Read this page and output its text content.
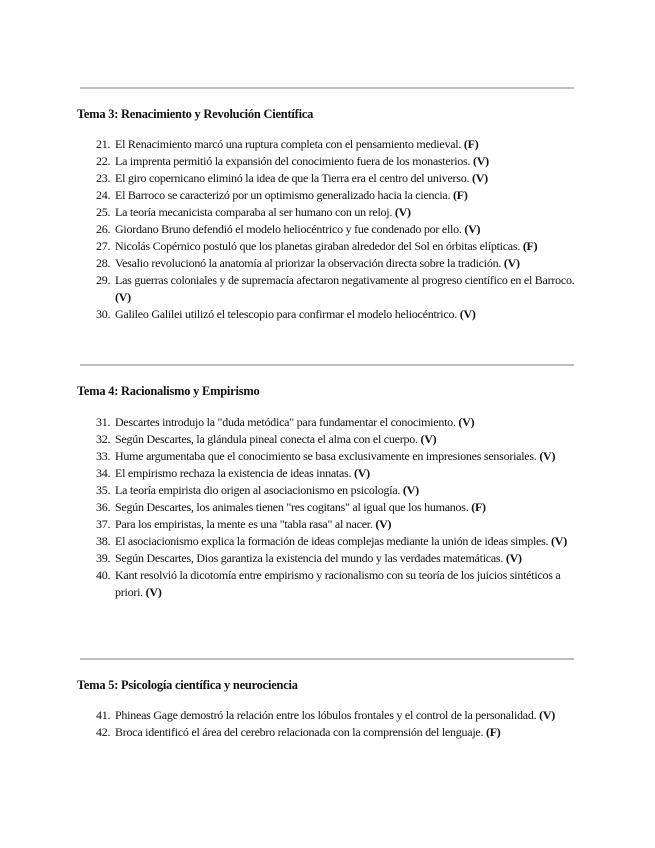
Tema 3: Renacimiento y Revolución Científica
21. El Renacimiento marcó una ruptura completa con el pensamiento medieval. (F)
22. La imprenta permitió la expansión del conocimiento fuera de los monasterios. (V)
23. El giro copernicano eliminó la idea de que la Tierra era el centro del universo. (V)
24. El Barroco se caracterizó por un optimismo generalizado hacia la ciencia. (F)
25. La teoría mecanicista comparaba al ser humano con un reloj. (V)
26. Giordano Bruno defendió el modelo heliocéntrico y fue condenado por ello. (V)
27. Nicolás Copérnico postuló que los planetas giraban alrededor del Sol en órbitas elípticas. (F)
28. Vesalio revolucionó la anatomía al priorizar la observación directa sobre la tradición. (V)
29. Las guerras coloniales y de supremacía afectaron negativamente al progreso científico en el Barroco. (V)
30. Galileo Galilei utilizó el telescopio para confirmar el modelo heliocéntrico. (V)
Tema 4: Racionalismo y Empirismo
31. Descartes introdujo la "duda metódica" para fundamentar el conocimiento. (V)
32. Según Descartes, la glándula pineal conecta el alma con el cuerpo. (V)
33. Hume argumentaba que el conocimiento se basa exclusivamente en impresiones sensoriales. (V)
34. El empirismo rechaza la existencia de ideas innatas. (V)
35. La teoría empirista dio origen al asociacionismo en psicología. (V)
36. Según Descartes, los animales tienen "res cogitans" al igual que los humanos. (F)
37. Para los empiristas, la mente es una "tabla rasa" al nacer. (V)
38. El asociacionismo explica la formación de ideas complejas mediante la unión de ideas simples. (V)
39. Según Descartes, Dios garantiza la existencia del mundo y las verdades matemáticas. (V)
40. Kant resolvió la dicotomía entre empirismo y racionalismo con su teoría de los juicios sintéticos a priori. (V)
Tema 5: Psicología científica y neurociencia
41. Phineas Gage demostró la relación entre los lóbulos frontales y el control de la personalidad. (V)
42. Broca identificó el área del cerebro relacionada con la comprensión del lenguaje. (F)
